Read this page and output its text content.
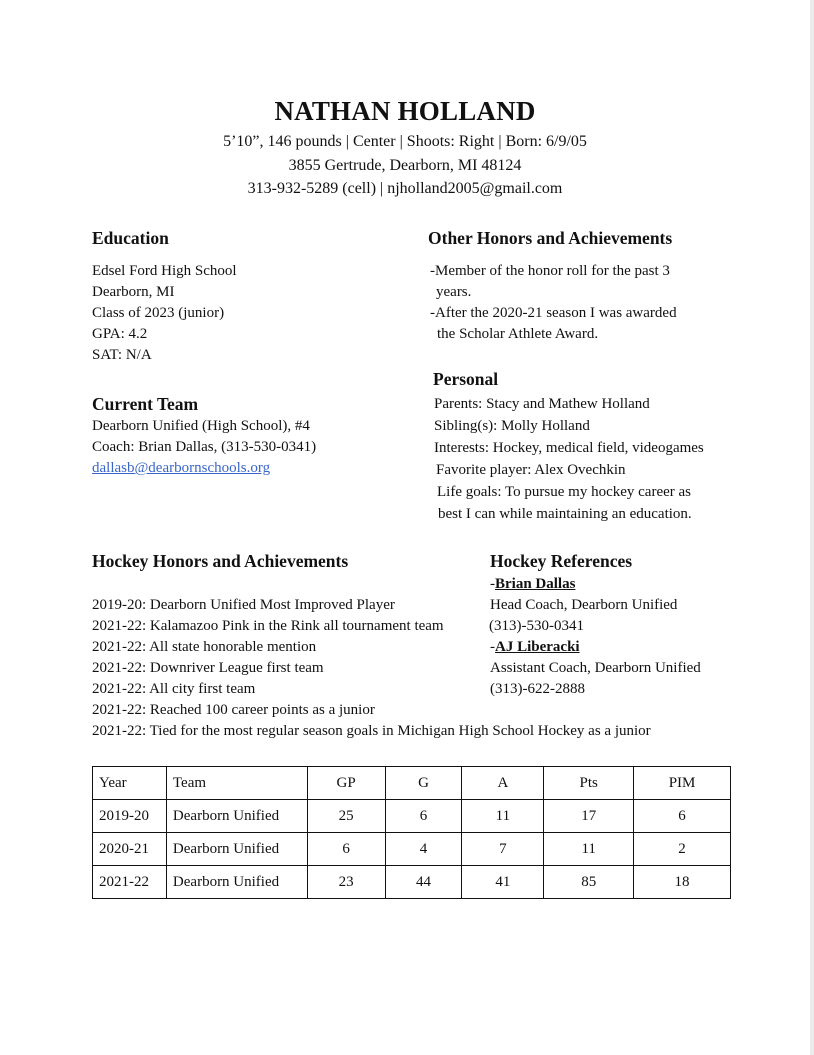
NATHAN HOLLAND
5’10”, 146 pounds | Center | Shoots: Right | Born: 6/9/05
3855 Gertrude, Dearborn, MI 48124
313-932-5289 (cell) | njholland2005@gmail.com
Education
Edsel Ford High School
Dearborn, MI
Class of 2023 (junior)
GPA: 4.2
SAT: N/A
Current Team
Dearborn Unified (High School), #4
Coach: Brian Dallas, (313-530-0341)
dallasb@dearbornschools.org
Other Honors and Achievements
-Member of the honor roll for the past 3
years.
-After the 2020-21 season I was awarded
the Scholar Athlete Award.
Personal
Parents: Stacy and Mathew Holland
Sibling(s): Molly Holland
Interests: Hockey, medical field, videogames
Favorite player: Alex Ovechkin
Life goals: To pursue my hockey career as
best I can while maintaining an education.
Hockey Honors and Achievements
2019-20: Dearborn Unified Most Improved Player
2021-22: Kalamazoo Pink in the Rink all tournament team
2021-22: All state honorable mention
2021-22: Downriver League first team
2021-22: All city first team
2021-22: Reached 100 career points as a junior
2021-22: Tied for the most regular season goals in Michigan High School Hockey as a junior
Hockey References
-Brian Dallas
Head Coach, Dearborn Unified
(313)-530-0341
-AJ Liberacki
Assistant Coach, Dearborn Unified
(313)-622-2888
Year	Team	GP	G	A	Pts	PIM
2019-20	Dearborn Unified	25	6	11	17	6
2020-21	Dearborn Unified	6	4	7	11	2
2021-22	Dearborn Unified	23	44	41	85	18
